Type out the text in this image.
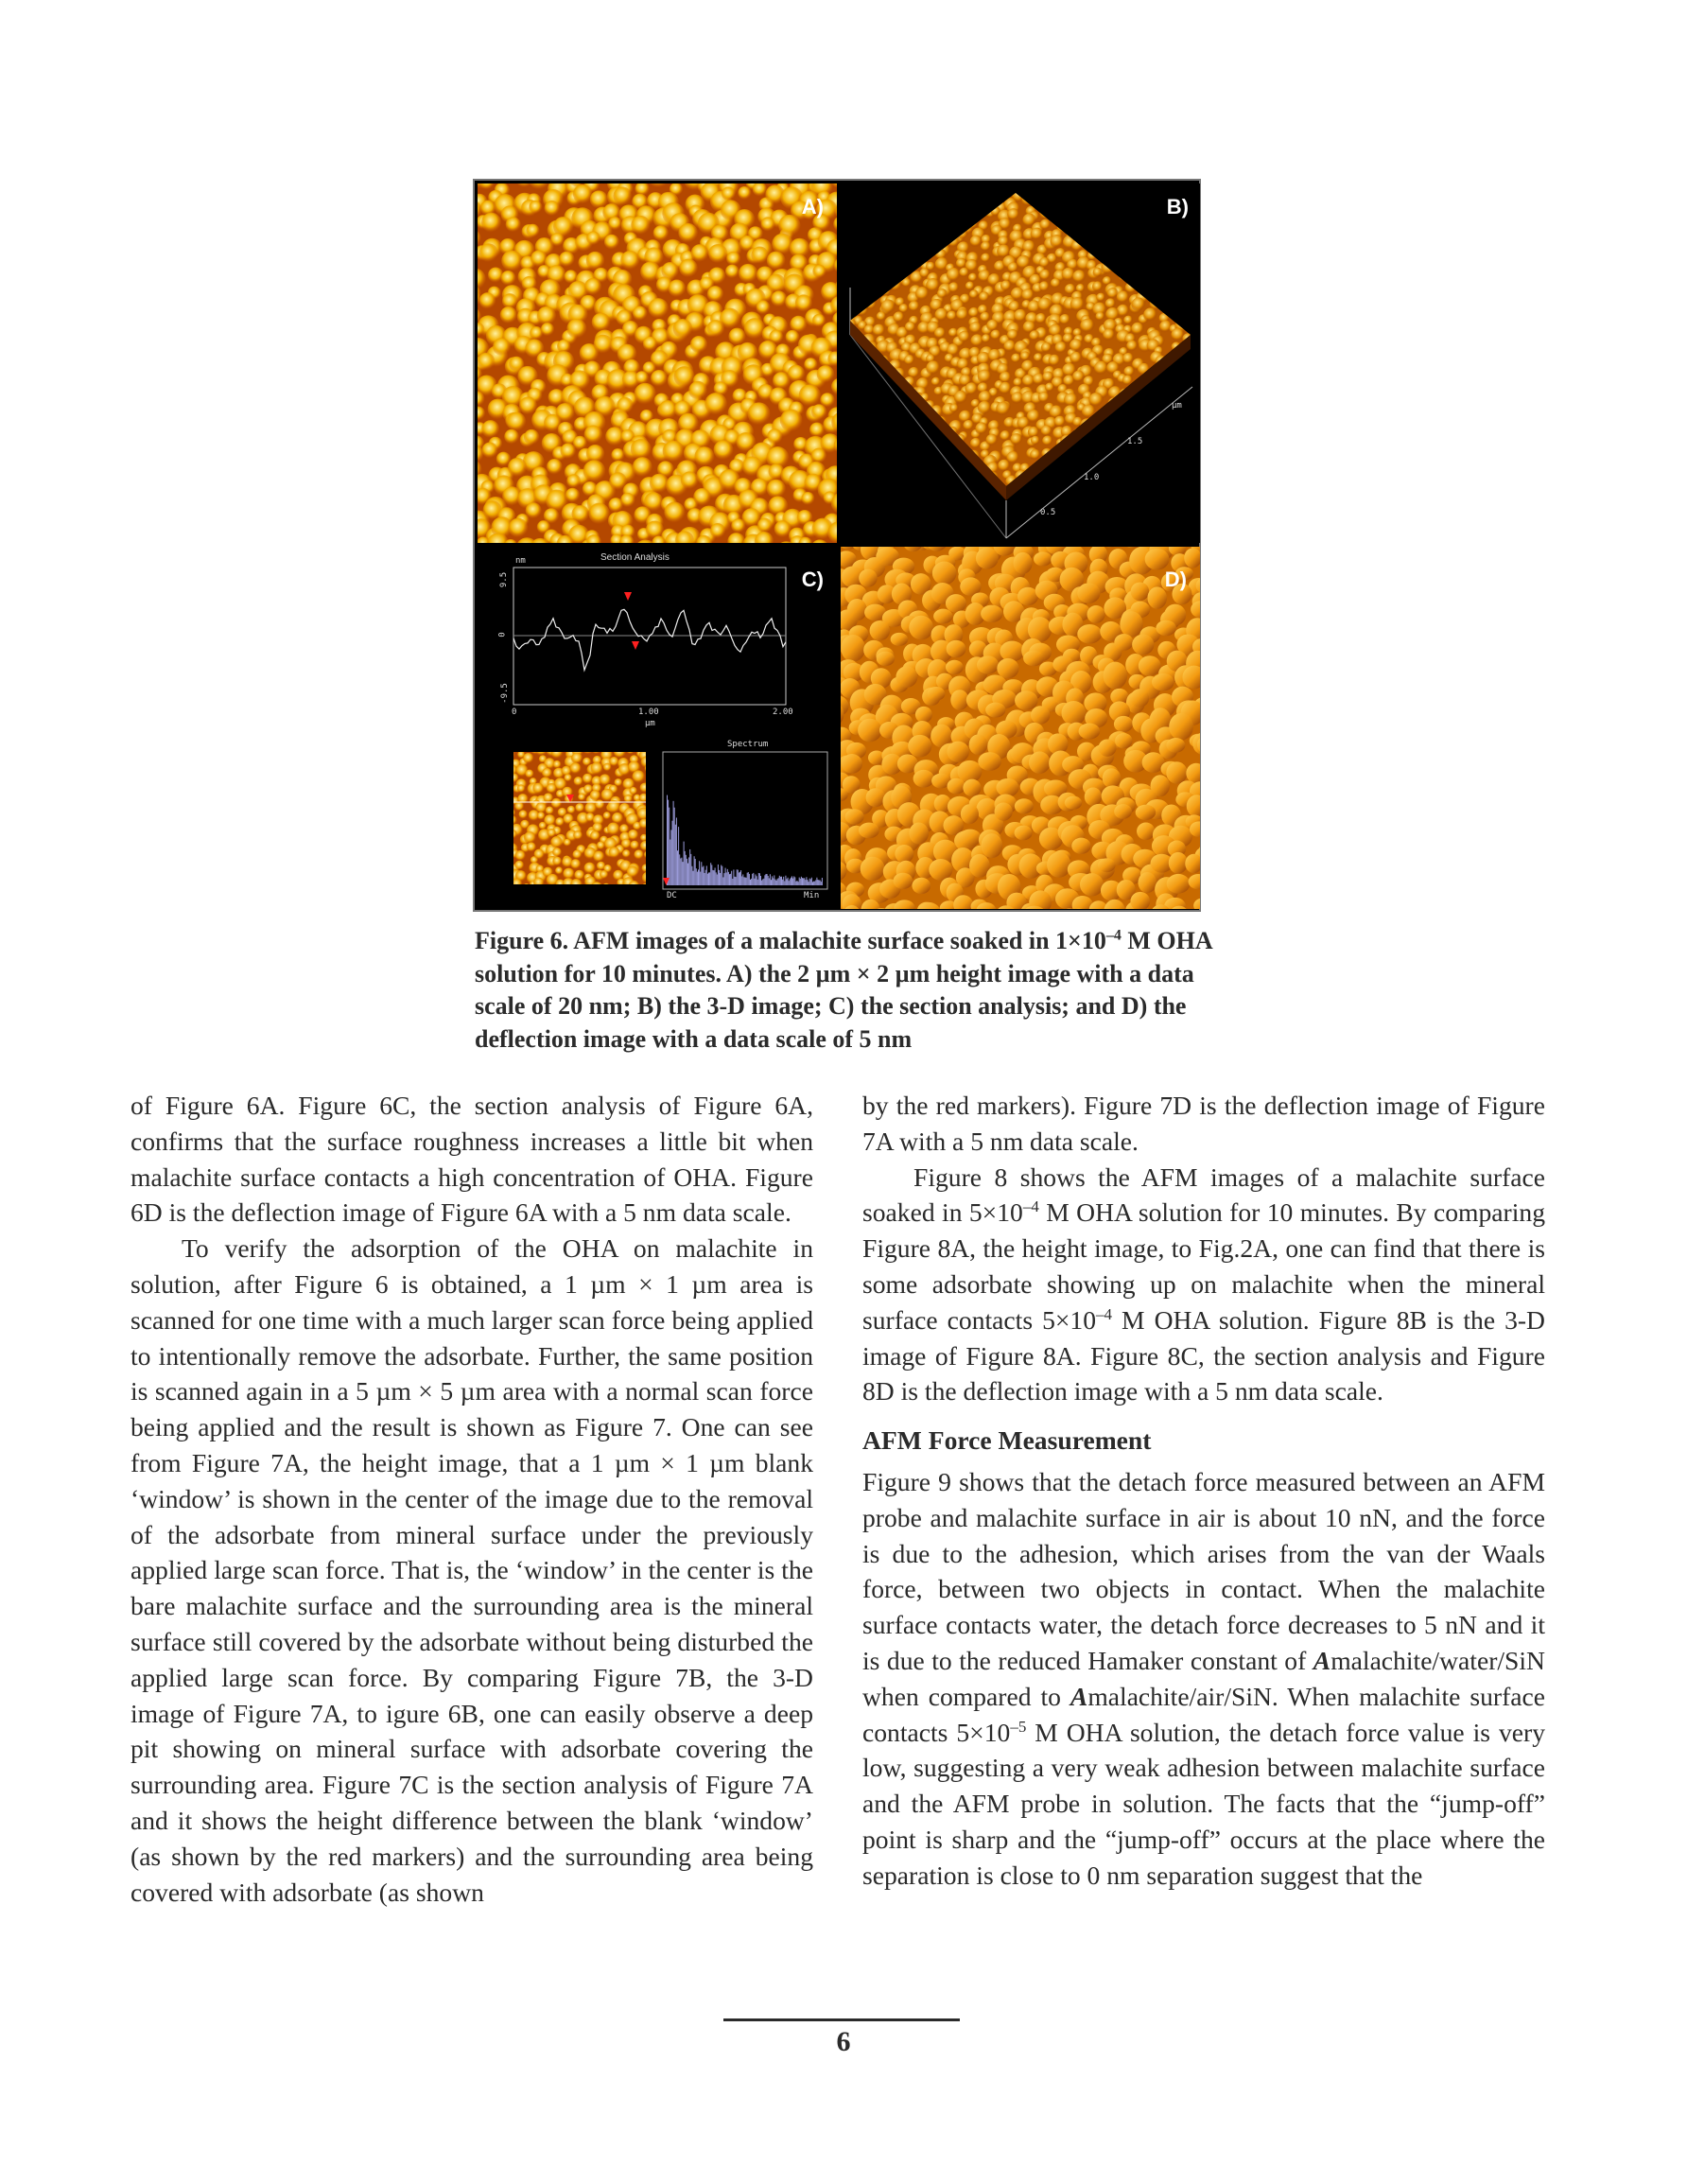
A)
µm
1.5
1.0
0.5
B)
Section Analysis
nm
9.5
0
-9.5
0	1.00	2.00
µm
Spectrum
DC	Min
C)	D)
Figure 6. AFM images of a malachite surface soaked in $1\times 10^{-4}$ M OHA solution for 10 minutes. A) the 2 µm × 2 µm height image with a data scale of 20 nm; B) the 3-D image; C) the section analysis; and D) the deflection image with a data scale of 5 nm

of Figure 6A. Figure 6C, the section analysis of Figure 6A, confirms that the surface roughness increases a little bit when malachite surface contacts a high concentration of OHA. Figure 6D is the deflection image of Figure 6A with a 5 nm data scale.

To verify the adsorption of the OHA on malachite in solution, after Figure 6 is obtained, a 1 µm × 1 µm area is scanned for one time with a much larger scan force being applied to intentionally remove the adsorbate. Further, the same position is scanned again in a 5 µm × 5 µm area with a normal scan force being applied and the result is shown as Figure 7. One can see from Figure 7A, the height image, that a 1 µm × 1 µm blank ‘window’ is shown in the center of the image due to the removal of the adsorbate from mineral surface under the previously applied large scan force. That is, the ‘window’ in the center is the bare malachite surface and the surrounding area is the mineral surface still covered by the adsorbate without being disturbed the applied large scan force. By comparing Figure 7B, the 3-D image of Figure 7A, to igure 6B, one can easily observe a deep pit showing on mineral surface with adsorbate covering the surrounding area. Figure 7C is the section analysis of Figure 7A and it shows the height difference between the blank ‘window’ (as shown by the red markers) and the surrounding area being covered with adsorbate (as shown

by the red markers). Figure 7D is the deflection image of Figure 7A with a 5 nm data scale.

Figure 8 shows the AFM images of a malachite surface soaked in $5\times 10^{-4}$ M OHA solution for 10 minutes. By comparing Figure 8A, the height image, to Fig.2A, one can find that there is some adsorbate showing up on malachite when the mineral surface contacts $5\times 10^{-4}$ M OHA solution. Figure 8B is the 3-D image of Figure 8A. Figure 8C, the section analysis and Figure 8D is the deflection image with a 5 nm data scale.

AFM Force Measurement

Figure 9 shows that the detach force measured between an AFM probe and malachite surface in air is about 10 nN, and the force is due to the adhesion, which arises from the van der Waals force, between two objects in contact. When the malachite surface contacts water, the detach force decreases to 5 nN and it is due to the reduced Hamaker constant of Amalachite/water/SiN when compared to Amalachite/air/SiN. When malachite surface contacts $5\times 10^{-5}$ M OHA solution, the detach force value is very low, suggesting a very weak adhesion between malachite surface and the AFM probe in solution. The facts that the “jump-off” point is sharp and the “jump-off” occurs at the place where the separation is close to 0 nm separation suggest that the

6
